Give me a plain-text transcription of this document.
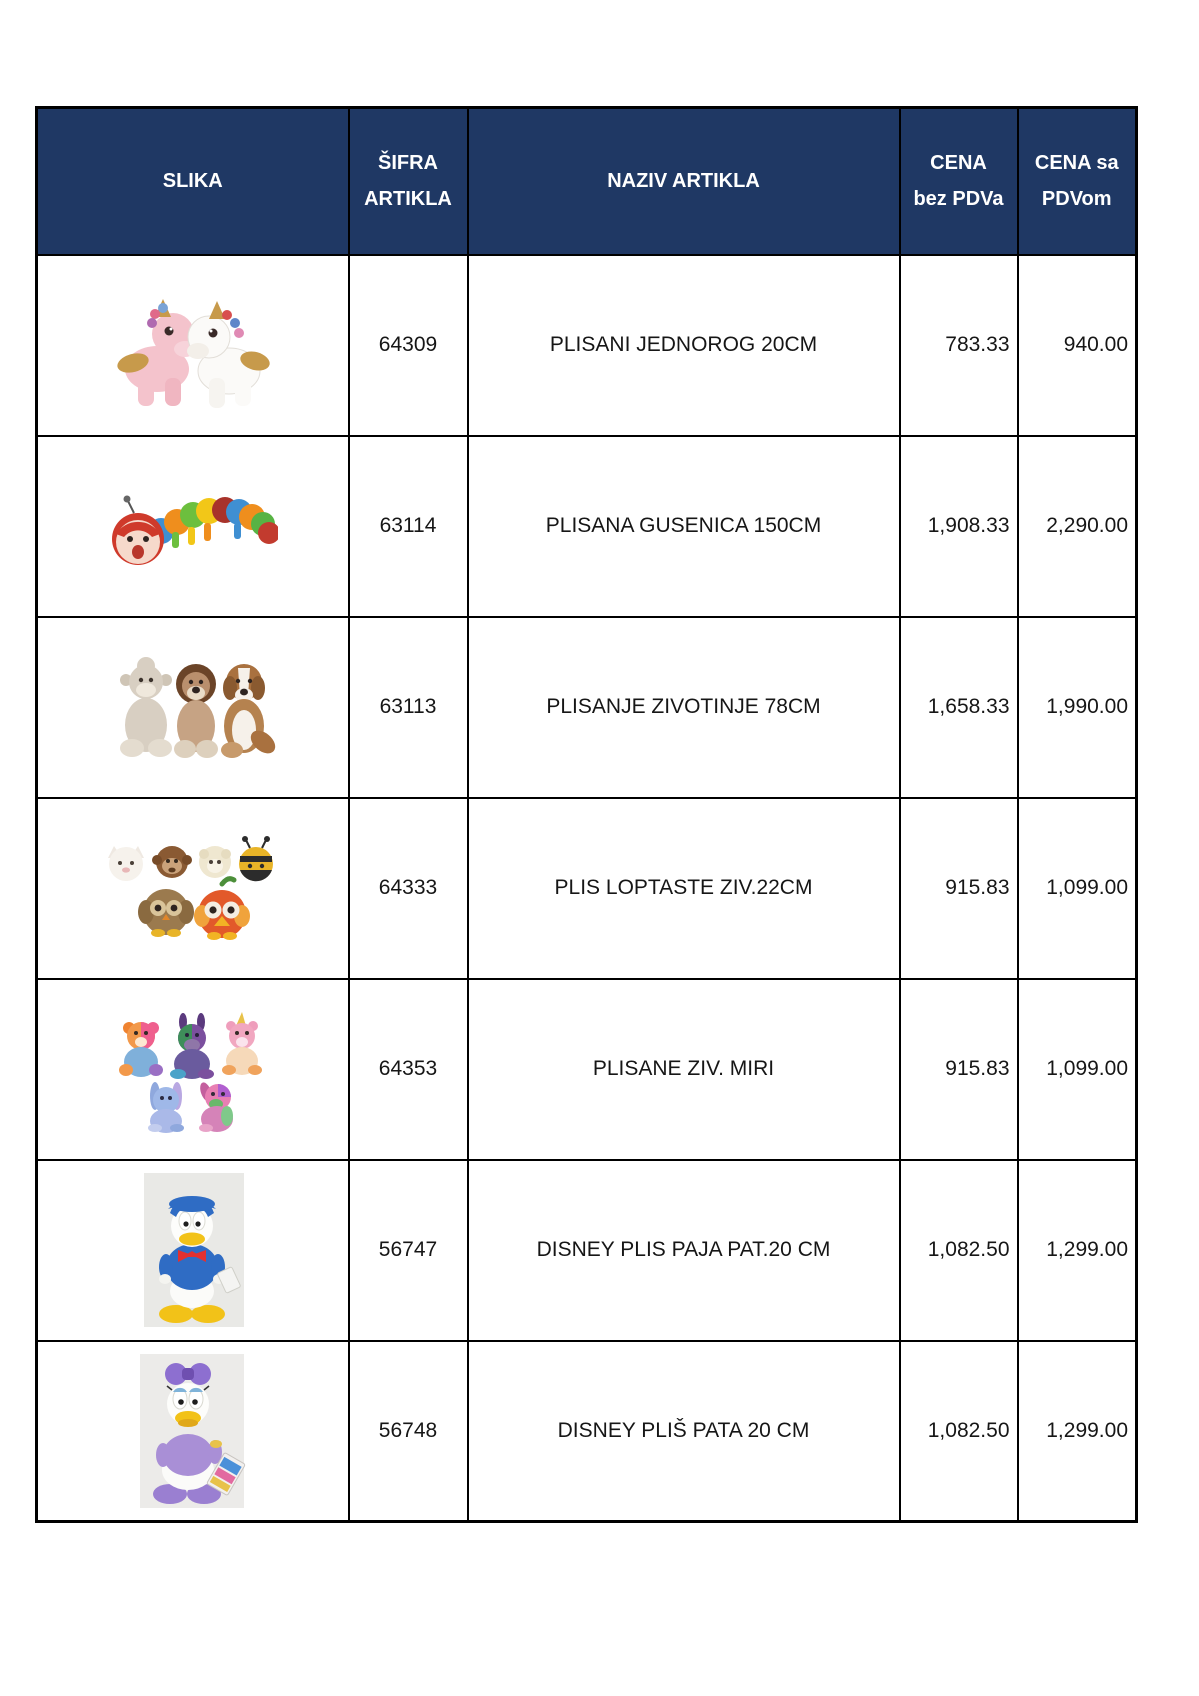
SLIKA	ŠIFRA ARTIKLA	NAZIV ARTIKLA	CENA bez PDVa	CENA sa PDVom

	64309	PLISANI JEDNOROG 20CM	783.33	940.00

	63114	PLISANA GUSENICA 150CM	1,908.33	2,290.00

	63113	PLISANJE ZIVOTINJE 78CM	1,658.33	1,990.00

	64333	PLIS LOPTASTE ZIV.22CM	915.83	1,099.00

	64353	PLISANE ZIV. MIRI	915.83	1,099.00

	56747	DISNEY PLIS PAJA PAT.20 CM	1,082.50	1,299.00

	56748	DISNEY PLIŠ PATA 20 CM	1,082.50	1,299.00
